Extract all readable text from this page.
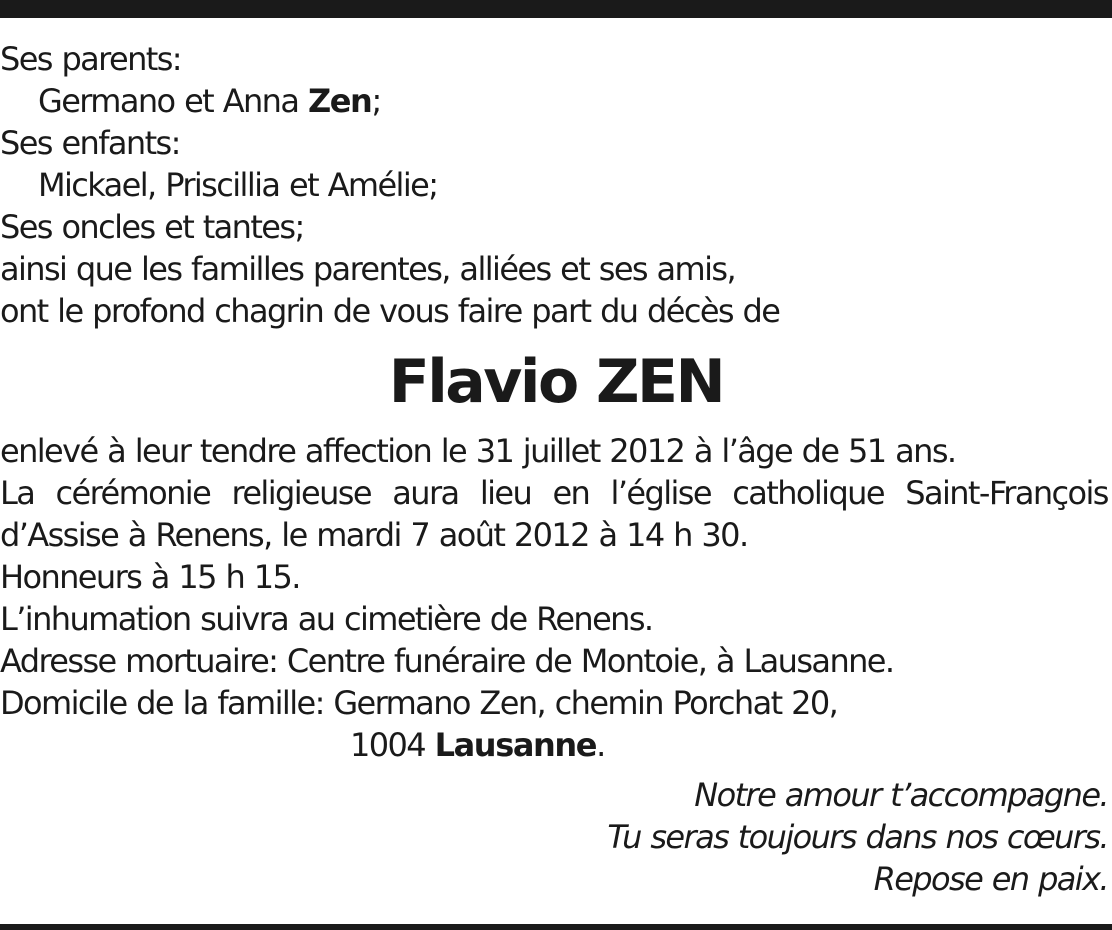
Ses parents:
Germano et Anna Zen;
Ses enfants:
Mickael, Priscillia et Amélie;
Ses oncles et tantes;
ainsi que les familles parentes, alliées et ses amis,
ont le profond chagrin de vous faire part du décès de
Flavio ZEN
enlevé à leur tendre affection le 31 juillet 2012 à l’âge de 51 ans.
La cérémonie religieuse aura lieu en l’église catholique Saint-François
d’Assise à Renens, le mardi 7 août 2012 à 14 h 30.
Honneurs à 15 h 15.
L’inhumation suivra au cimetière de Renens.
Adresse mortuaire: Centre funéraire de Montoie, à Lausanne.
Domicile de la famille: Germano Zen, chemin Porchat 20,
1004 Lausanne.
Notre amour t’accompagne.
Tu seras toujours dans nos cœurs.
Repose en paix.
